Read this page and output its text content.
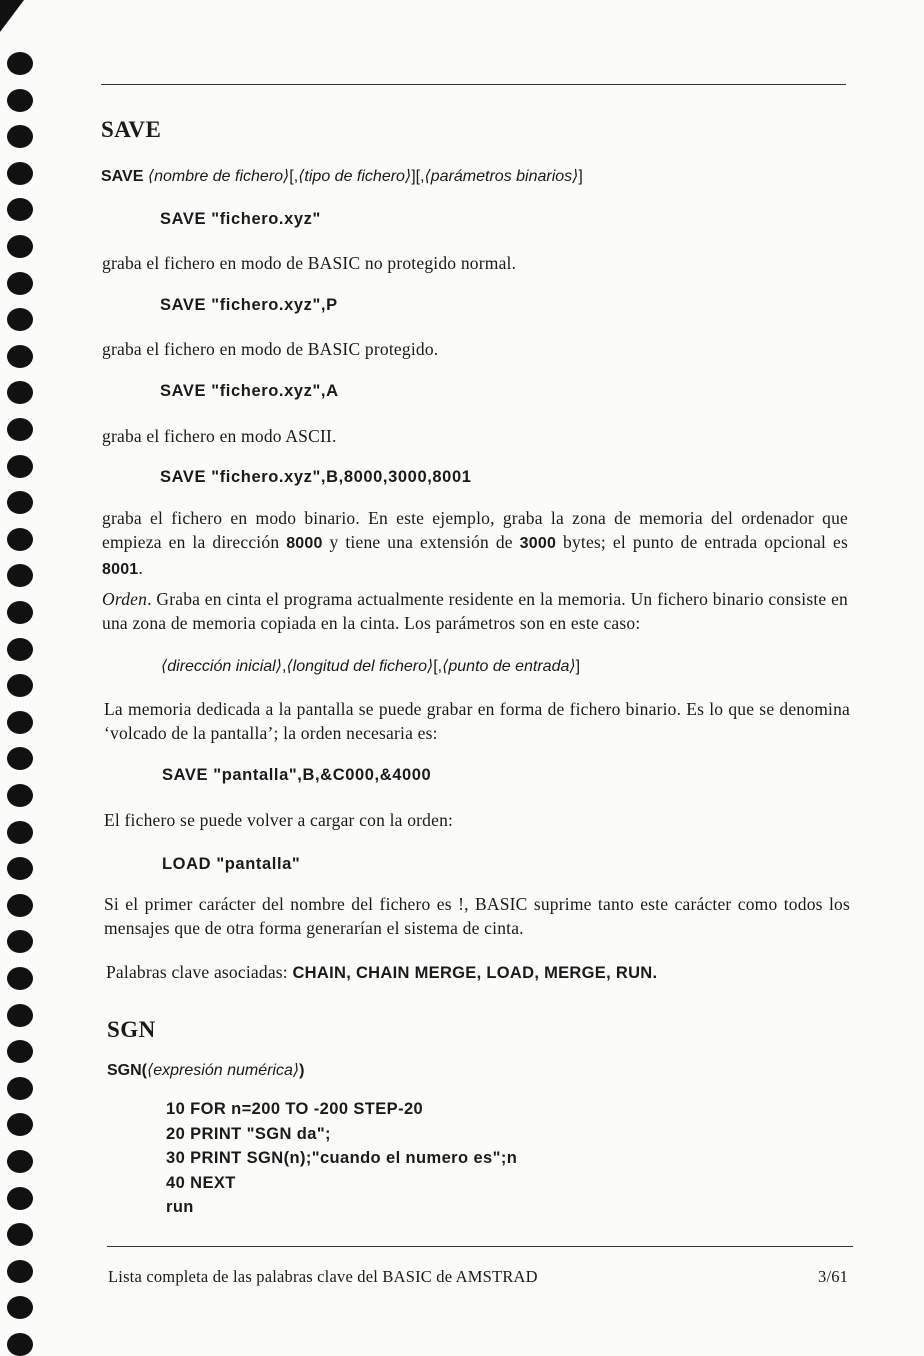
SAVE
SAVE ⟨nombre de fichero⟩[,⟨tipo de fichero⟩][,⟨parámetros binarios⟩]
SAVE "fichero.xyz"
graba el fichero en modo de BASIC no protegido normal.
SAVE "fichero.xyz",P
graba el fichero en modo de BASIC protegido.
SAVE "fichero.xyz",A
graba el fichero en modo ASCII.
SAVE "fichero.xyz",B,8000,3000,8001
graba el fichero en modo binario. En este ejemplo, graba la zona de memoria del ordenador que empieza en la dirección 8000 y tiene una extensión de 3000 bytes; el punto de entrada opcional es 8001.
Orden. Graba en cinta el programa actualmente residente en la memoria. Un fichero binario consiste en una zona de memoria copiada en la cinta. Los parámetros son en este caso:
⟨dirección inicial⟩,⟨longitud del fichero⟩[,⟨punto de entrada⟩]
La memoria dedicada a la pantalla se puede grabar en forma de fichero binario. Es lo que se denomina ‘volcado de la pantalla’; la orden necesaria es:
SAVE "pantalla",B,&C000,&4000
El fichero se puede volver a cargar con la orden:
LOAD "pantalla"
Si el primer carácter del nombre del fichero es !, BASIC suprime tanto este carácter como todos los mensajes que de otra forma generarían el sistema de cinta.
Palabras clave asociadas: CHAIN, CHAIN MERGE, LOAD, MERGE, RUN.
SGN
SGN(⟨expresión numérica⟩)
10 FOR n=200 TO -200 STEP-20
20 PRINT "SGN da";
30 PRINT SGN(n);"cuando el numero es";n
40 NEXT
run
Lista completa de las palabras clave del BASIC de AMSTRAD	3/61
